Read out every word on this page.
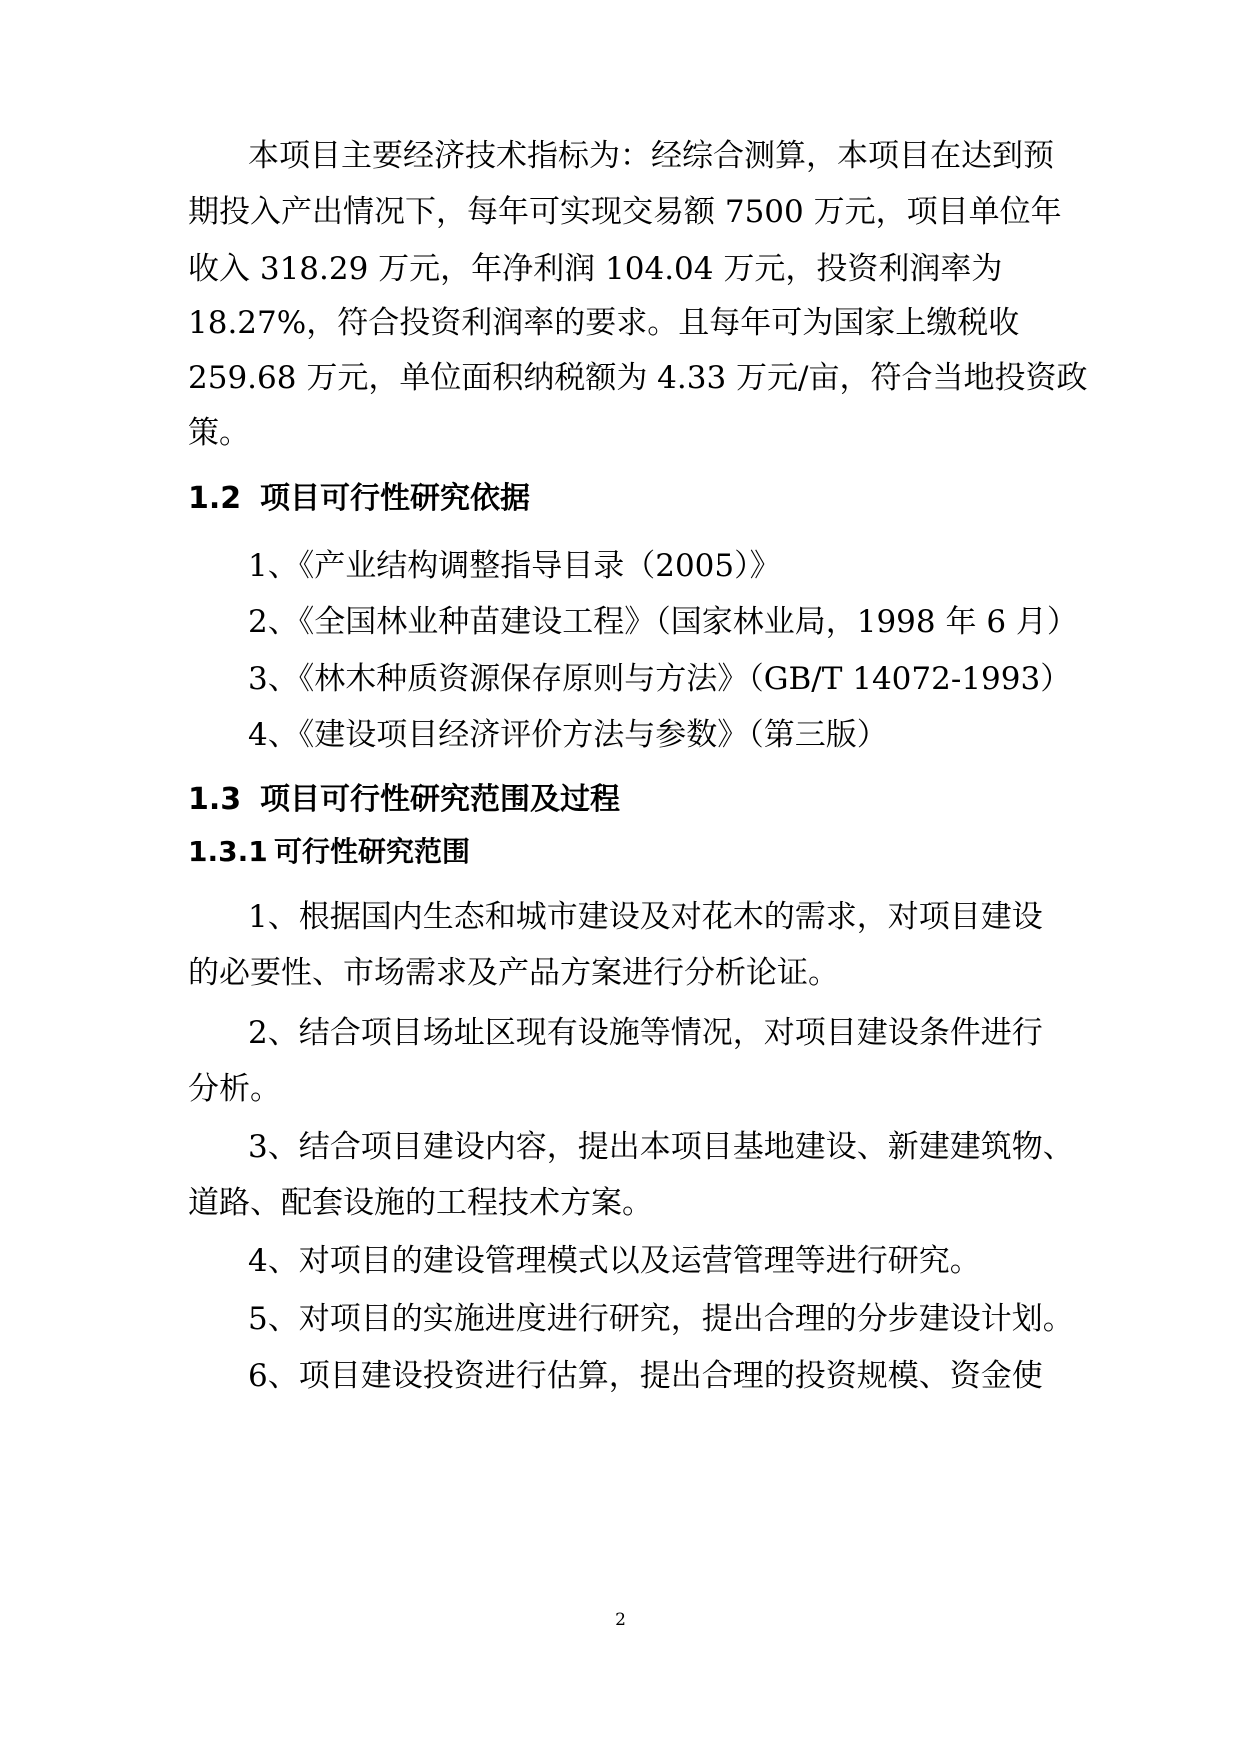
本项目主要经济技术指标为：经综合测算，本项目在达到预
期投入产出情况下，每年可实现交易额 7500 万元，项目单位年
收入 318.29 万元，年净利润 104.04 万元，投资利润率为
18.27%，符合投资利润率的要求。且每年可为国家上缴税收
259.68 万元，单位面积纳税额为 4.33 万元/亩，符合当地投资政
策。
1.2 项目可行性研究依据
1、《产业结构调整指导目录（2005）》
2、《全国林业种苗建设工程》（国家林业局，1998 年 6 月）
3、《林木种质资源保存原则与方法》（GB/T 14072-1993）
4、《建设项目经济评价方法与参数》（第三版）
1.3 项目可行性研究范围及过程
1.3.1 可行性研究范围
1、根据国内生态和城市建设及对花木的需求，对项目建设
的必要性、市场需求及产品方案进行分析论证。
2、结合项目场址区现有设施等情况，对项目建设条件进行
分析。
3、结合项目建设内容，提出本项目基地建设、新建建筑物、
道路、配套设施的工程技术方案。
4、对项目的建设管理模式以及运营管理等进行研究。
5、对项目的实施进度进行研究，提出合理的分步建设计划。
6、项目建设投资进行估算，提出合理的投资规模、资金使
2
